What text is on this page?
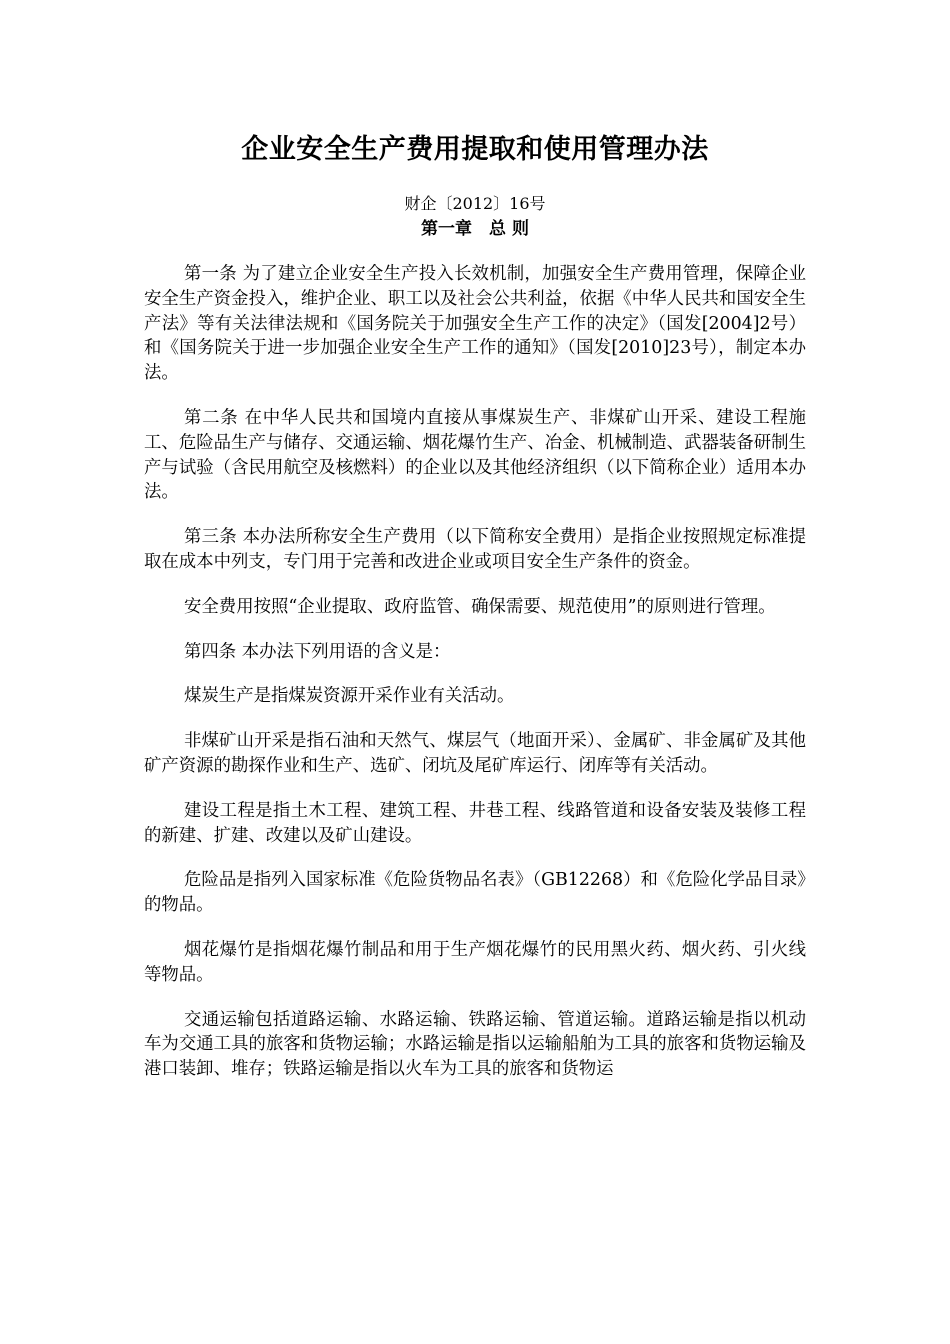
企业安全生产费用提取和使用管理办法

财企〔2012〕16号

第一章　总 则

第一条 为了建立企业安全生产投入长效机制，加强安全生产费用管理，保障企业安全生产资金投入，维护企业、职工以及社会公共利益，依据《中华人民共和国安全生产法》等有关法律法规和《国务院关于加强安全生产工作的决定》（国发[2004]2号）和《国务院关于进一步加强企业安全生产工作的通知》（国发[2010]23号），制定本办法。

第二条 在中华人民共和国境内直接从事煤炭生产、非煤矿山开采、建设工程施工、危险品生产与储存、交通运输、烟花爆竹生产、冶金、机械制造、武器装备研制生产与试验（含民用航空及核燃料）的企业以及其他经济组织（以下简称企业）适用本办法。

第三条 本办法所称安全生产费用（以下简称安全费用）是指企业按照规定标准提取在成本中列支，专门用于完善和改进企业或项目安全生产条件的资金。

安全费用按照“企业提取、政府监管、确保需要、规范使用”的原则进行管理。

第四条 本办法下列用语的含义是：

煤炭生产是指煤炭资源开采作业有关活动。

非煤矿山开采是指石油和天然气、煤层气（地面开采）、金属矿、非金属矿及其他矿产资源的勘探作业和生产、选矿、闭坑及尾矿库运行、闭库等有关活动。

建设工程是指土木工程、建筑工程、井巷工程、线路管道和设备安装及装修工程的新建、扩建、改建以及矿山建设。

危险品是指列入国家标准《危险货物品名表》（GB12268）和《危险化学品目录》的物品。

烟花爆竹是指烟花爆竹制品和用于生产烟花爆竹的民用黑火药、烟火药、引火线等物品。

交通运输包括道路运输、水路运输、铁路运输、管道运输。道路运输是指以机动车为交通工具的旅客和货物运输；水路运输是指以运输船舶为工具的旅客和货物运输及港口装卸、堆存；铁路运输是指以火车为工具的旅客和货物运
